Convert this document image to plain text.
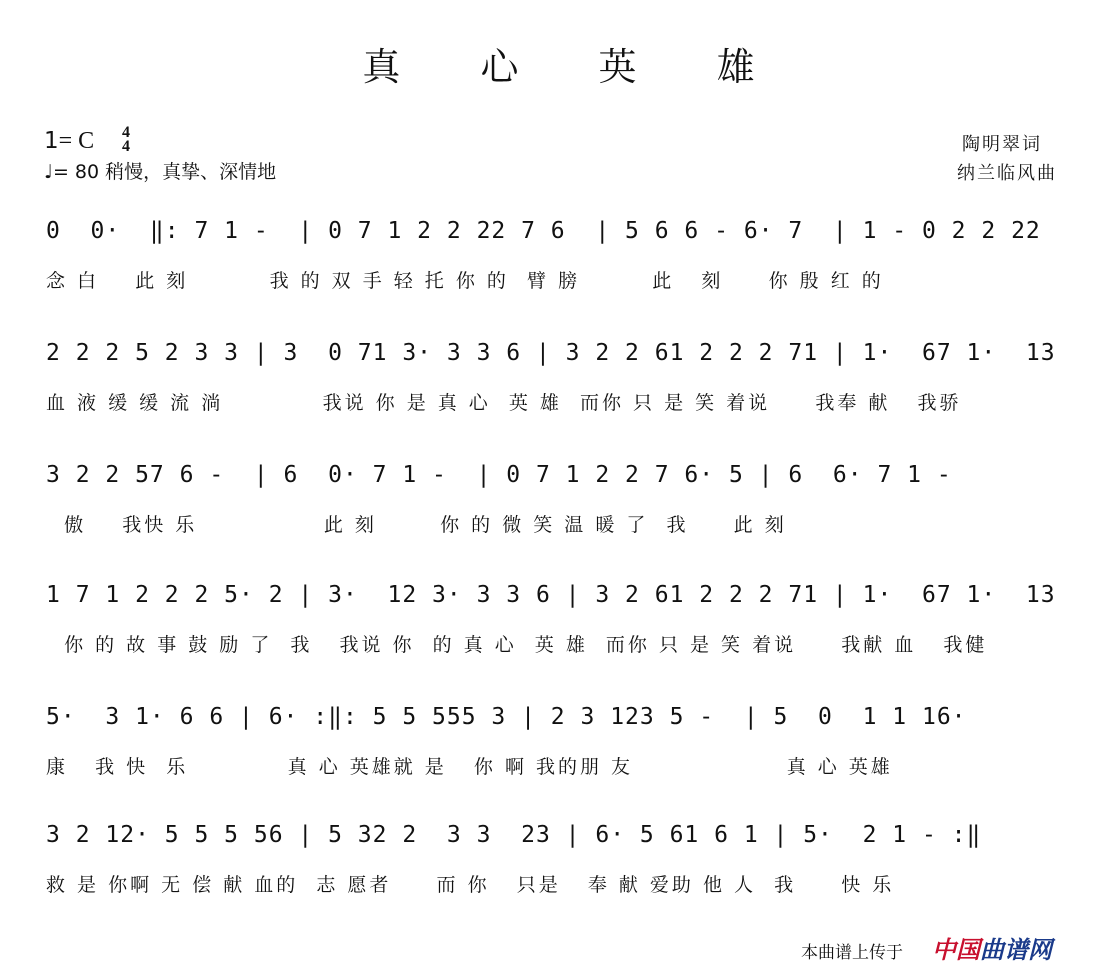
真 心 英 雄
1= C 4
4
♩= 80 稍慢，真挚、深情地
陶明翠词
纳兰临风曲
0  0·  ‖: 7 1 -  | 0 7 1 2 2 22 7 6  | 5 6 6 - 6· 7  | 1 - 0 2 2 22
念 白    此 刻         我 的 双 手 轻 托 你 的  臂 膀        此   刻     你 殷 红 的
2 2 2 5 2 3 3 | 3  0 71 3· 3 3 6 | 3 2 2 61 2 2 2 71 | 1·  67 1·  13
血 液 缓 缓 流 淌           我说 你 是 真 心  英 雄  而你 只 是 笑 着说     我奉 献   我骄
3 2 2 57 6 -  | 6  0· 7 1 -  | 0 7 1 2 2 7 6· 5 | 6  6· 7 1 -
傲    我快 乐              此 刻       你 的 微 笑 温 暖 了  我     此 刻
1 7 1 2 2 2 5· 2 | 3·  12 3· 3 3 6 | 3 2 61 2 2 2 71 | 1·  67 1·  13
你 的 故 事 鼓 励 了  我   我说 你  的 真 心  英 雄  而你 只 是 笑 着说     我献 血   我健
5·  3 1· 6 6 | 6· :‖: 5 5 555 3 | 2 3 123 5 -  | 5  0  1 1 16·
康   我 快  乐           真 心 英雄就 是   你 啊 我的朋 友                 真 心 英雄
3 2 12· 5 5 5 56 | 5 32 2  3 3  23 | 6· 5 61 6 1 | 5·  2 1 - :‖
救 是 你啊 无 偿 献 血的  志 愿者     而 你   只是   奉 献 爱助 他 人  我     快 乐
本曲谱上传于 中国曲谱网
